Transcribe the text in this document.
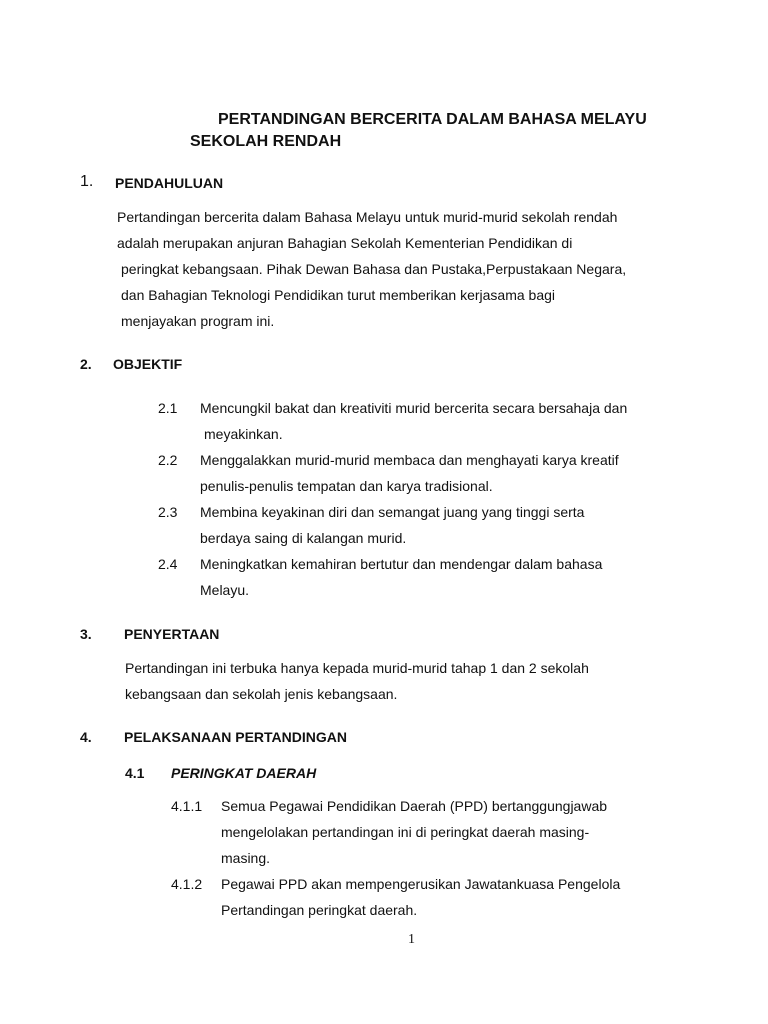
PERTANDINGAN BERCERITA DALAM BAHASA MELAYU
SEKOLAH RENDAH
1. PENDAHULUAN
Pertandingan bercerita dalam Bahasa Melayu untuk murid-murid sekolah rendah
adalah merupakan anjuran Bahagian Sekolah Kementerian Pendidikan di
peringkat kebangsaan. Pihak Dewan Bahasa dan Pustaka,Perpustakaan Negara,
dan Bahagian Teknologi Pendidikan turut memberikan kerjasama bagi
menjayakan program ini.
2. OBJEKTIF
2.1 Mencungkil bakat dan kreativiti murid bercerita secara bersahaja dan
meyakinkan.
2.2 Menggalakkan murid-murid membaca dan menghayati karya kreatif
penulis-penulis tempatan dan karya tradisional.
2.3 Membina keyakinan diri dan semangat juang yang tinggi serta
berdaya saing di kalangan murid.
2.4 Meningkatkan kemahiran bertutur dan mendengar dalam bahasa
Melayu.
3. PENYERTAAN
Pertandingan ini terbuka hanya kepada murid-murid tahap 1 dan 2 sekolah
kebangsaan dan sekolah jenis kebangsaan.
4. PELAKSANAAN PERTANDINGAN
4.1 PERINGKAT DAERAH
4.1.1 Semua Pegawai Pendidikan Daerah (PPD) bertanggungjawab
mengelolakan pertandingan ini di peringkat daerah masing-
masing.
4.1.2 Pegawai PPD akan mempengerusikan Jawatankuasa Pengelola
Pertandingan peringkat daerah.
1
